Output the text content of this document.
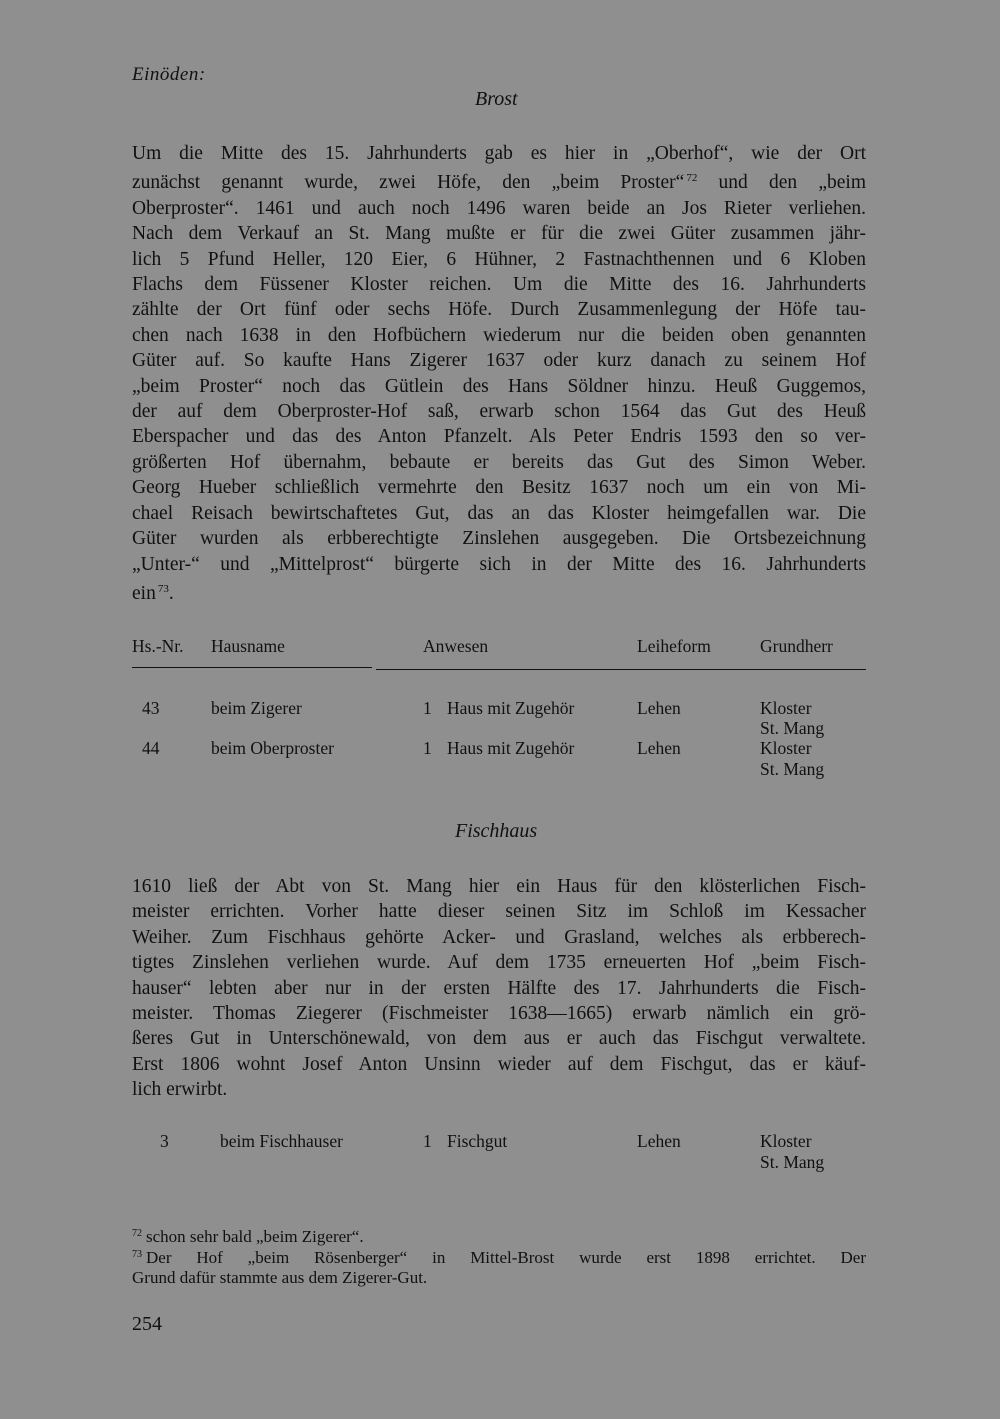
Einöden:
Brost
Um die Mitte des 15. Jahrhunderts gab es hier in „Oberhof“, wie der Ort
zunächst genannt wurde, zwei Höfe, den „beim Proster“ $^{72}$ und den „beim
Oberproster“. 1461 und auch noch 1496 waren beide an Jos Rieter verliehen.
Nach dem Verkauf an St. Mang mußte er für die zwei Güter zusammen jähr-
lich 5 Pfund Heller, 120 Eier, 6 Hühner, 2 Fastnachthennen und 6 Kloben
Flachs dem Füssener Kloster reichen. Um die Mitte des 16. Jahrhunderts
zählte der Ort fünf oder sechs Höfe. Durch Zusammenlegung der Höfe tau-
chen nach 1638 in den Hofbüchern wiederum nur die beiden oben genannten
Güter auf. So kaufte Hans Zigerer 1637 oder kurz danach zu seinem Hof
„beim Proster“ noch das Gütlein des Hans Söldner hinzu. Heuß Guggemos,
der auf dem Oberproster-Hof saß, erwarb schon 1564 das Gut des Heuß
Eberspacher und das des Anton Pfanzelt. Als Peter Endris 1593 den so ver-
größerten Hof übernahm, bebaute er bereits das Gut des Simon Weber.
Georg Hueber schließlich vermehrte den Besitz 1637 noch um ein von Mi-
chael Reisach bewirtschaftetes Gut, das an das Kloster heimgefallen war. Die
Güter wurden als erbberechtigte Zinslehen ausgegeben. Die Ortsbezeichnung
„Unter-“ und „Mittelprost“ bürgerte sich in der Mitte des 16. Jahrhunderts
ein $^{73}$.
Hs.-Nr. Hausname	Anwesen	Leiheform	Grundherr
43	beim Zigerer	1 Haus mit Zugehör	Lehen	Kloster
St. Mang
44	beim Oberproster	1 Haus mit Zugehör	Lehen	Kloster
St. Mang
Fischhaus
1610 ließ der Abt von St. Mang hier ein Haus für den klösterlichen Fisch-
meister errichten. Vorher hatte dieser seinen Sitz im Schloß im Kessacher
Weiher. Zum Fischhaus gehörte Acker- und Grasland, welches als erbberech-
tigtes Zinslehen verliehen wurde. Auf dem 1735 erneuerten Hof „beim Fisch-
hauser“ lebten aber nur in der ersten Hälfte des 17. Jahrhunderts die Fisch-
meister. Thomas Ziegerer (Fischmeister 1638—1665) erwarb nämlich ein grö-
ßeres Gut in Unterschönewald, von dem aus er auch das Fischgut verwaltete.
Erst 1806 wohnt Josef Anton Unsinn wieder auf dem Fischgut, das er käuf-
lich erwirbt.
3	beim Fischhauser	1 Fischgut	Lehen	Kloster
St. Mang
$^{72}$ schon sehr bald „beim Zigerer“.
$^{73}$ Der Hof „beim Rösenberger“ in Mittel-Brost wurde erst 1898 errichtet. Der
Grund dafür stammte aus dem Zigerer-Gut.
254
